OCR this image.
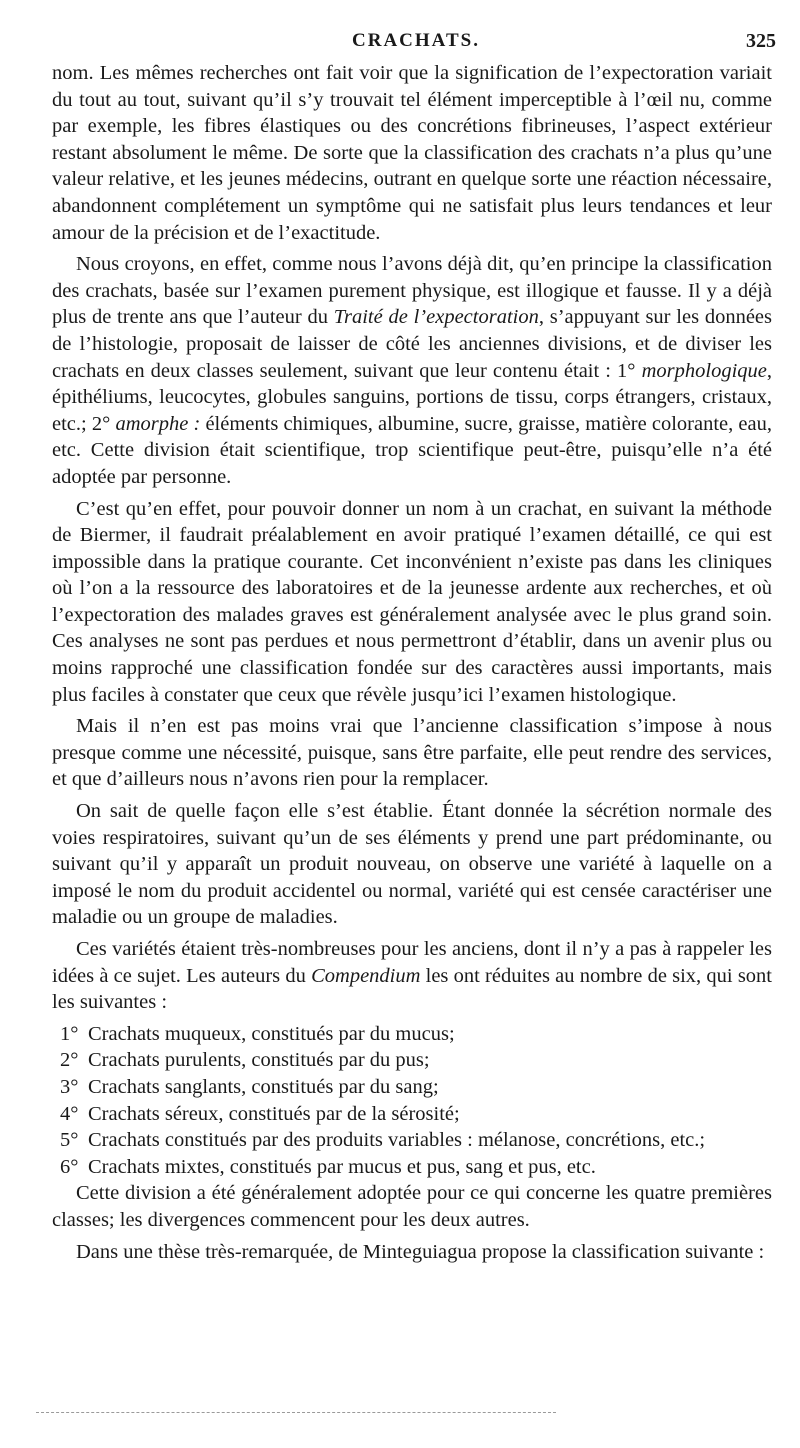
CRACHATS.	325

nom. Les mêmes recherches ont fait voir que la signification de l’expectoration variait du tout au tout, suivant qu’il s’y trouvait tel élément imperceptible à l’œil nu, comme par exemple, les fibres élastiques ou des concrétions fibrineuses, l’aspect extérieur restant absolument le même. De sorte que la classification des crachats n’a plus qu’une valeur relative, et les jeunes médecins, outrant en quelque sorte une réaction nécessaire, abandonnent complétement un symptôme qui ne satisfait plus leurs tendances et leur amour de la précision et de l’exactitude.

Nous croyons, en effet, comme nous l’avons déjà dit, qu’en principe la classification des crachats, basée sur l’examen purement physique, est illogique et fausse. Il y a déjà plus de trente ans que l’auteur du Traité de l’expectoration, s’appuyant sur les données de l’histologie, proposait de laisser de côté les anciennes divisions, et de diviser les crachats en deux classes seulement, suivant que leur contenu était : 1° morphologique, épithéliums, leucocytes, globules sanguins, portions de tissu, corps étrangers, cristaux, etc.; 2° amorphe : éléments chimiques, albumine, sucre, graisse, matière colorante, eau, etc. Cette division était scientifique, trop scientifique peut-être, puisqu’elle n’a été adoptée par personne.

C’est qu’en effet, pour pouvoir donner un nom à un crachat, en suivant la méthode de Biermer, il faudrait préalablement en avoir pratiqué l’examen détaillé, ce qui est impossible dans la pratique courante. Cet inconvénient n’existe pas dans les cliniques où l’on a la ressource des laboratoires et de la jeunesse ardente aux recherches, et où l’expectoration des malades graves est généralement analysée avec le plus grand soin. Ces analyses ne sont pas perdues et nous permettront d’établir, dans un avenir plus ou moins rapproché une classification fondée sur des caractères aussi importants, mais plus faciles à constater que ceux que révèle jusqu’ici l’examen histologique.

Mais il n’en est pas moins vrai que l’ancienne classification s’impose à nous presque comme une nécessité, puisque, sans être parfaite, elle peut rendre des services, et que d’ailleurs nous n’avons rien pour la remplacer.

On sait de quelle façon elle s’est établie. Étant donnée la sécrétion normale des voies respiratoires, suivant qu’un de ses éléments y prend une part prédominante, ou suivant qu’il y apparaît un produit nouveau, on observe une variété à laquelle on a imposé le nom du produit accidentel ou normal, variété qui est censée caractériser une maladie ou un groupe de maladies.

Ces variétés étaient très-nombreuses pour les anciens, dont il n’y a pas à rappeler les idées à ce sujet. Les auteurs du Compendium les ont réduites au nombre de six, qui sont les suivantes :

1° Crachats muqueux, constitués par du mucus;
2° Crachats purulents, constitués par du pus;
3° Crachats sanglants, constitués par du sang;
4° Crachats séreux, constitués par de la sérosité;
5° Crachats constitués par des produits variables : mélanose, concrétions, etc.;
6° Crachats mixtes, constitués par mucus et pus, sang et pus, etc.

Cette division a été généralement adoptée pour ce qui concerne les quatre premières classes; les divergences commencent pour les deux autres.

Dans une thèse très-remarquée, de Minteguiagua propose la classification suivante :
